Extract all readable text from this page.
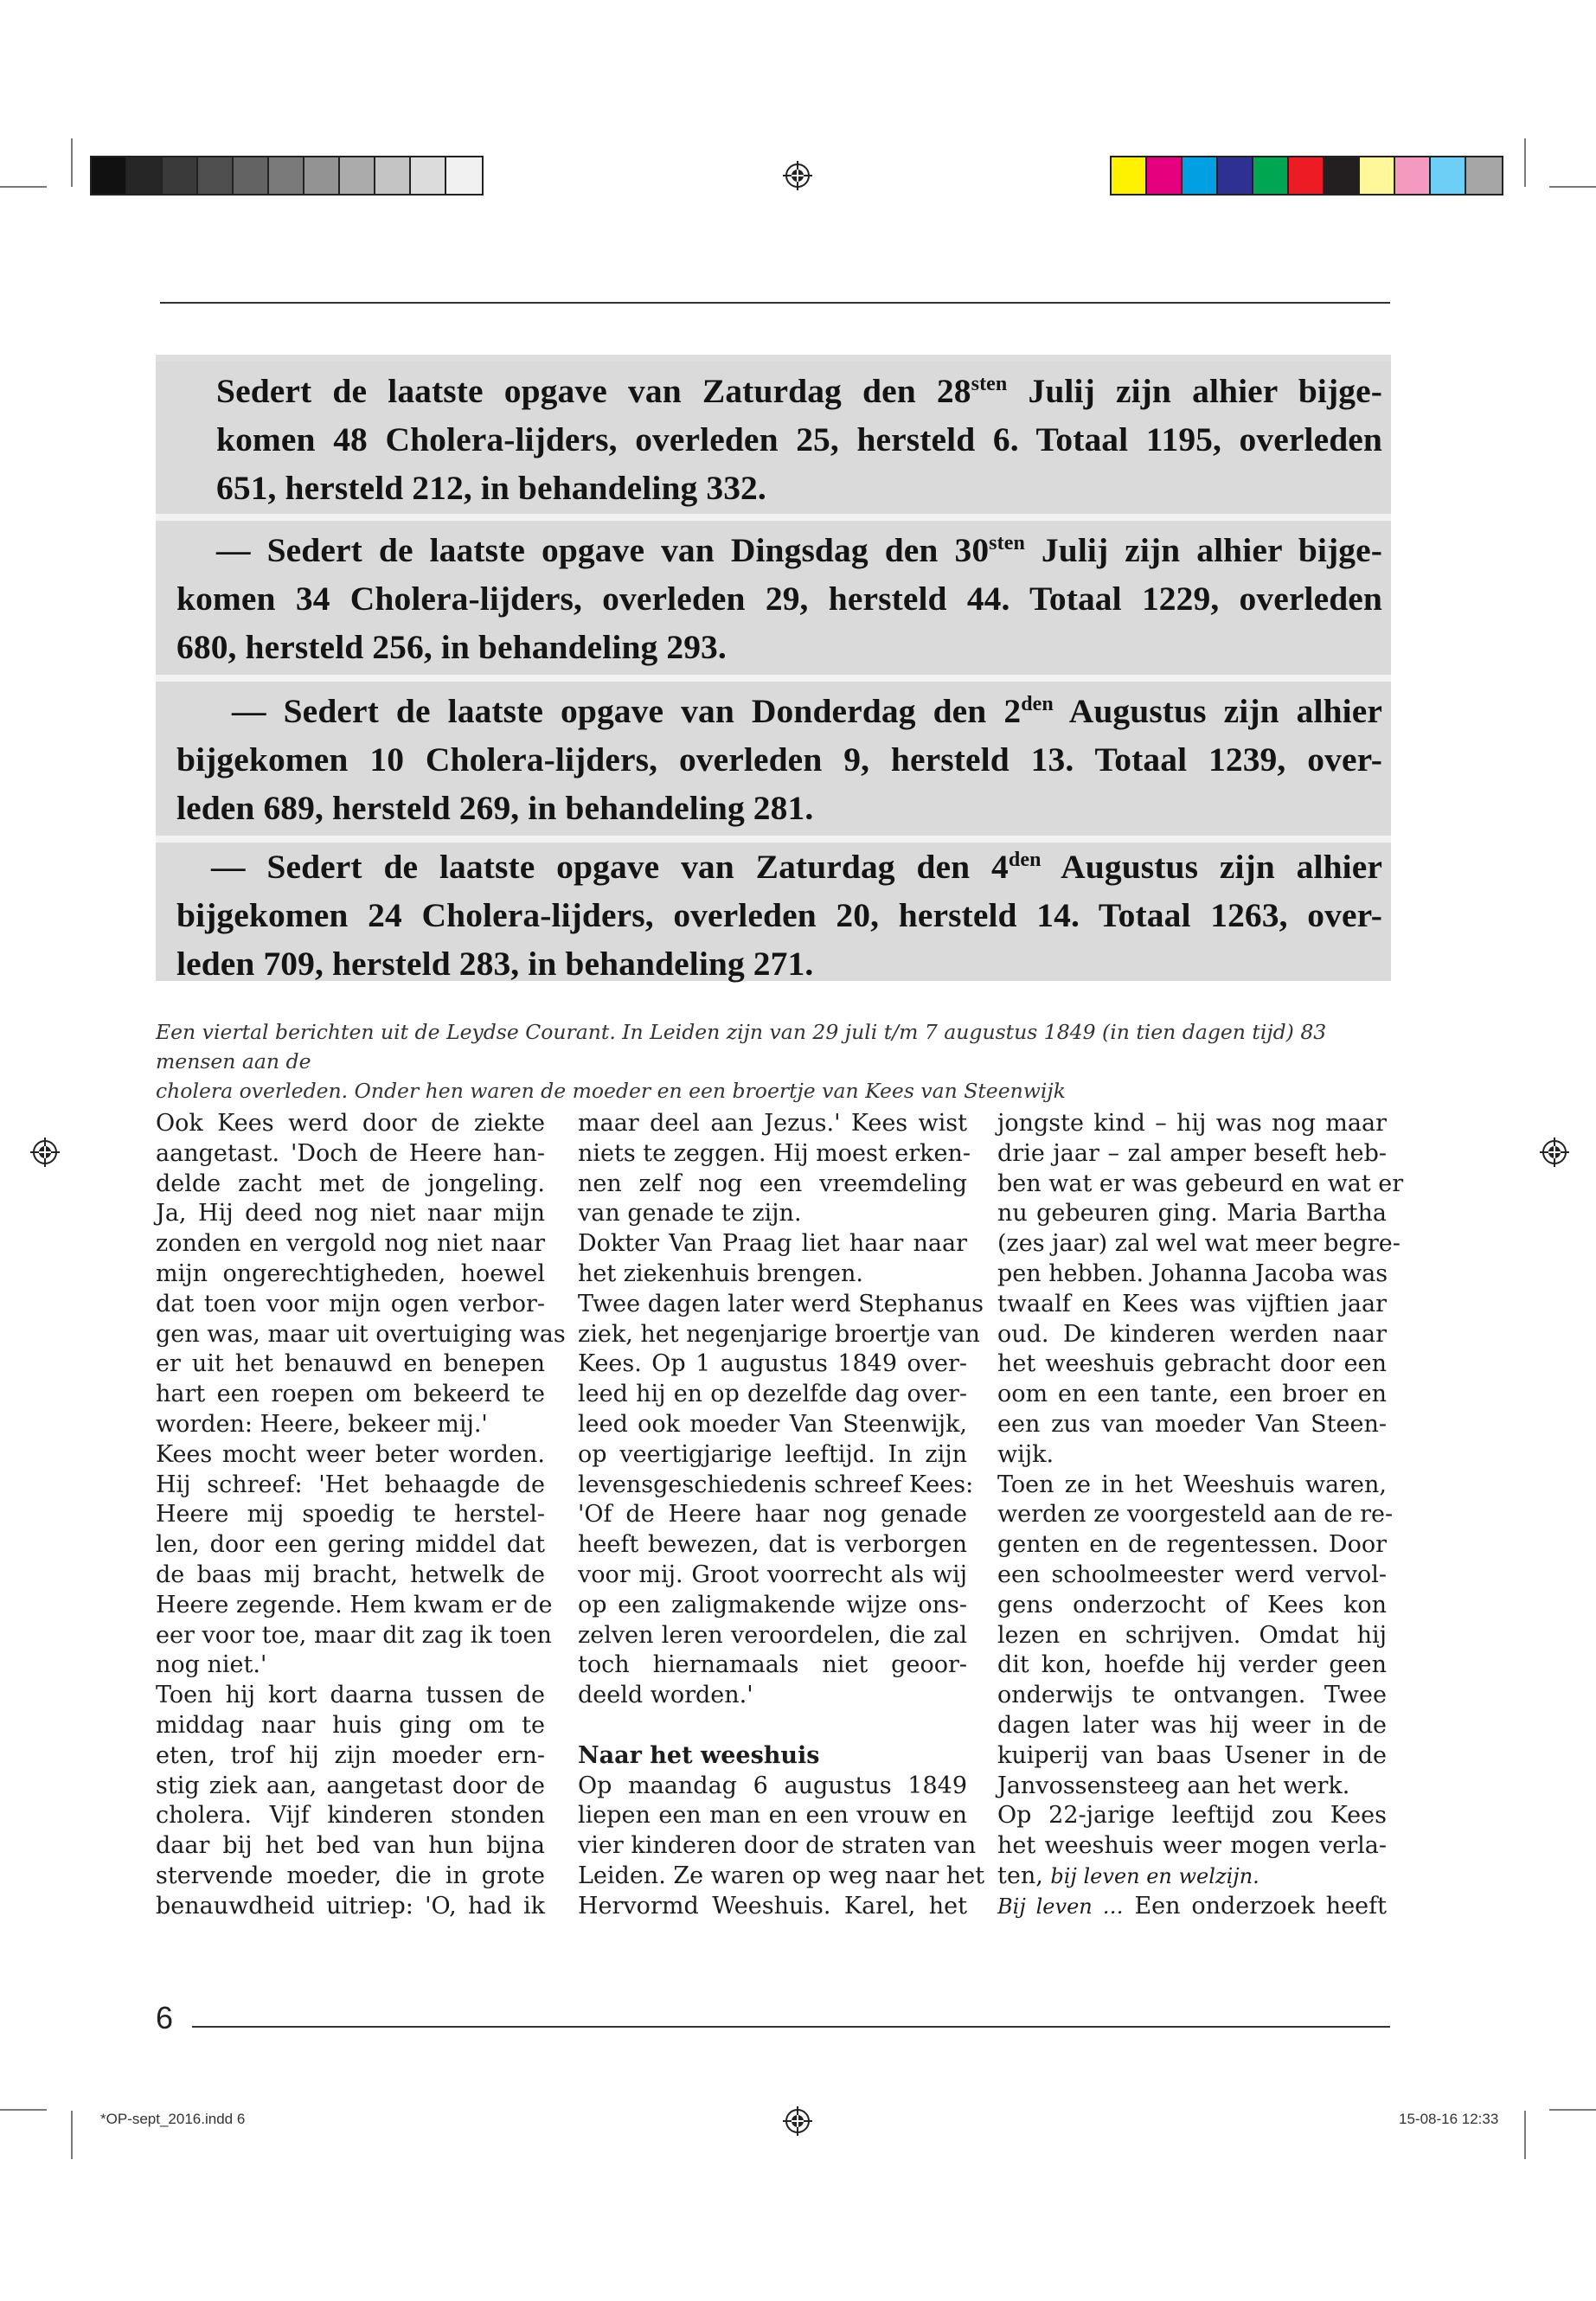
Sedert de laatste opgave van Zaturdag den $28^{sten}$ Julij zijn alhier bijge-
komen 48 Cholera-lijders, overleden 25, hersteld 6. Totaal 1195, overleden
651, hersteld 212, in behandeling 332.
— Sedert de laatste opgave van Dingsdag den $30^{sten}$ Julij zijn alhier bijge-
komen 34 Cholera-lijders, overleden 29, hersteld 44. Totaal 1229, overleden
680, hersteld 256, in behandeling 293.
— Sedert de laatste opgave van Donderdag den $2^{den}$ Augustus zijn alhier
bijgekomen 10 Cholera-lijders, overleden 9, hersteld 13. Totaal 1239, over-
leden 689, hersteld 269, in behandeling 281.
— Sedert de laatste opgave van Zaturdag den $4^{den}$ Augustus zijn alhier
bijgekomen 24 Cholera-lijders, overleden 20, hersteld 14. Totaal 1263, over-
leden 709, hersteld 283, in behandeling 271.
Een viertal berichten uit de Leydse Courant. In Leiden zijn van 29 juli t/m 7 augustus 1849 (in tien dagen tijd) 83 mensen aan de
cholera overleden. Onder hen waren de moeder en een broertje van Kees van Steenwijk
Ook Kees werd door de ziekte
aangetast. 'Doch de Heere han-
delde zacht met de jongeling.
Ja, Hij deed nog niet naar mijn
zonden en vergold nog niet naar
mijn ongerechtigheden, hoewel
dat toen voor mijn ogen verbor-
gen was, maar uit overtuiging was
er uit het benauwd en benepen
hart een roepen om bekeerd te
worden: Heere, bekeer mij.'
Kees mocht weer beter worden.
Hij schreef: 'Het behaagde de
Heere mij spoedig te herstel-
len, door een gering middel dat
de baas mij bracht, hetwelk de
Heere zegende. Hem kwam er de
eer voor toe, maar dit zag ik toen
nog niet.'
Toen hij kort daarna tussen de
middag naar huis ging om te
eten, trof hij zijn moeder ern-
stig ziek aan, aangetast door de
cholera. Vijf kinderen stonden
daar bij het bed van hun bijna
stervende moeder, die in grote
benauwdheid uitriep: 'O, had ik
maar deel aan Jezus.' Kees wist
niets te zeggen. Hij moest erken-
nen zelf nog een vreemdeling
van genade te zijn.
Dokter Van Praag liet haar naar
het ziekenhuis brengen.
Twee dagen later werd Stephanus
ziek, het negenjarige broertje van
Kees. Op 1 augustus 1849 over-
leed hij en op dezelfde dag over-
leed ook moeder Van Steenwijk,
op veertigjarige leeftijd. In zijn
levensgeschiedenis schreef Kees:
'Of de Heere haar nog genade
heeft bewezen, dat is verborgen
voor mij. Groot voorrecht als wij
op een zaligmakende wijze ons-
zelven leren veroordelen, die zal
toch hiernamaals niet geoor-
deeld worden.'
Naar het weeshuis
Op maandag 6 augustus 1849
liepen een man en een vrouw en
vier kinderen door de straten van
Leiden. Ze waren op weg naar het
Hervormd Weeshuis. Karel, het
jongste kind – hij was nog maar
drie jaar – zal amper beseft heb-
ben wat er was gebeurd en wat er
nu gebeuren ging. Maria Bartha
(zes jaar) zal wel wat meer begre-
pen hebben. Johanna Jacoba was
twaalf en Kees was vijftien jaar
oud. De kinderen werden naar
het weeshuis gebracht door een
oom en een tante, een broer en
een zus van moeder Van Steen-
wijk.
Toen ze in het Weeshuis waren,
werden ze voorgesteld aan de re-
genten en de regentessen. Door
een schoolmeester werd vervol-
gens onderzocht of Kees kon
lezen en schrijven. Omdat hij
dit kon, hoefde hij verder geen
onderwijs te ontvangen. Twee
dagen later was hij weer in de
kuiperij van baas Usener in de
Janvossensteeg aan het werk.
Op 22-jarige leeftijd zou Kees
het weeshuis weer mogen verla-
ten, bij leven en welzijn.
Bij leven … Een onderzoek heeft
6
*OP-sept_2016.indd 6	15-08-16 12:33
